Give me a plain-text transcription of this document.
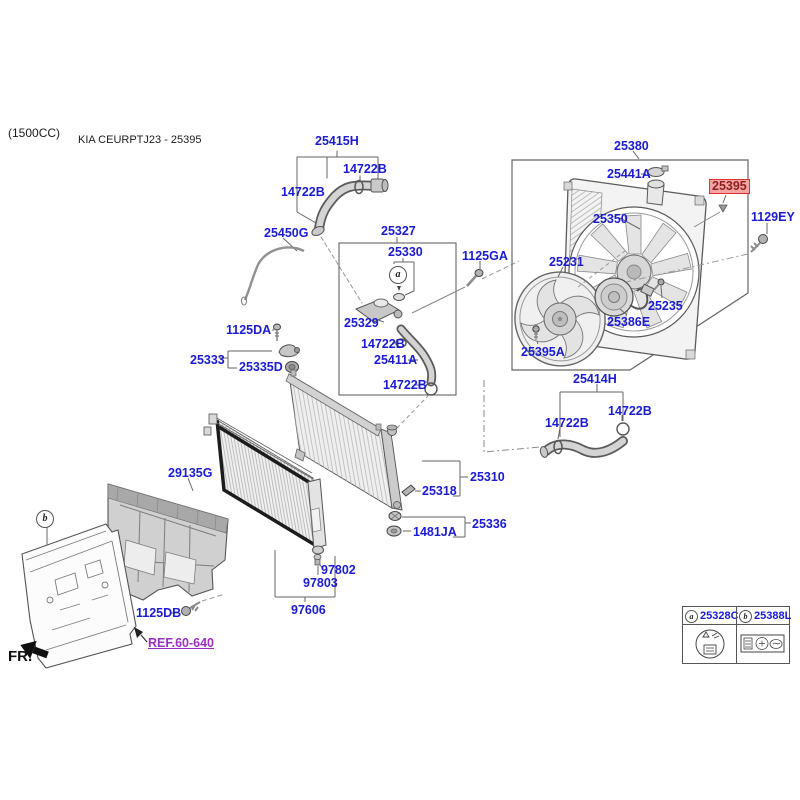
(1500CC) KIA CEURPTJ23 - 25395	25415H
14722B
14722B
25450G	25327
25330	1125GA
25329
14722B
25411A
14722B
1125DA
25333 25335D
25380
25441A
25395
25350	1129EY
25231
25235
25386E
25395A
25414H
14722B
14722B
25310
25318
25336
1481JA
29135G
1125DB
97802
97803
97606
a
b
REF.60-640
FR.
a 25328C b 25388L
